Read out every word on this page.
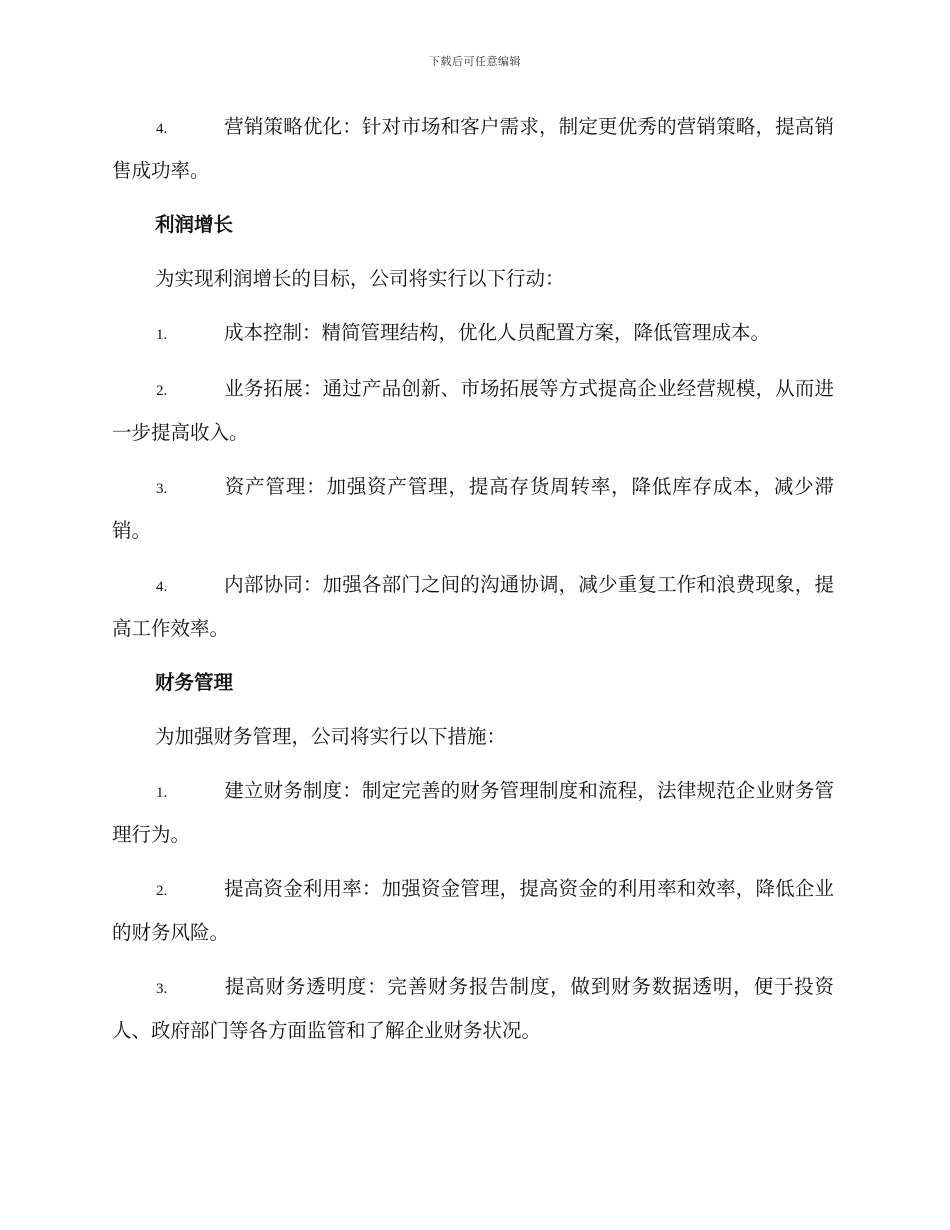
下载后可任意编辑

4.	营销策略优化：针对市场和客户需求，制定更优秀的营销策略，提高销售成功率。

利润增长

为实现利润增长的目标，公司将实行以下行动：

1.	成本控制：精简管理结构，优化人员配置方案，降低管理成本。

2.	业务拓展：通过产品创新、市场拓展等方式提高企业经营规模，从而进一步提高收入。

3.	资产管理：加强资产管理，提高存货周转率，降低库存成本，减少滞销。

4.	内部协同：加强各部门之间的沟通协调，减少重复工作和浪费现象，提高工作效率。

财务管理

为加强财务管理，公司将实行以下措施：

1.	建立财务制度：制定完善的财务管理制度和流程，法律规范企业财务管理行为。

2.	提高资金利用率：加强资金管理，提高资金的利用率和效率，降低企业的财务风险。

3.	提高财务透明度：完善财务报告制度，做到财务数据透明，便于投资人、政府部门等各方面监管和了解企业财务状况。
